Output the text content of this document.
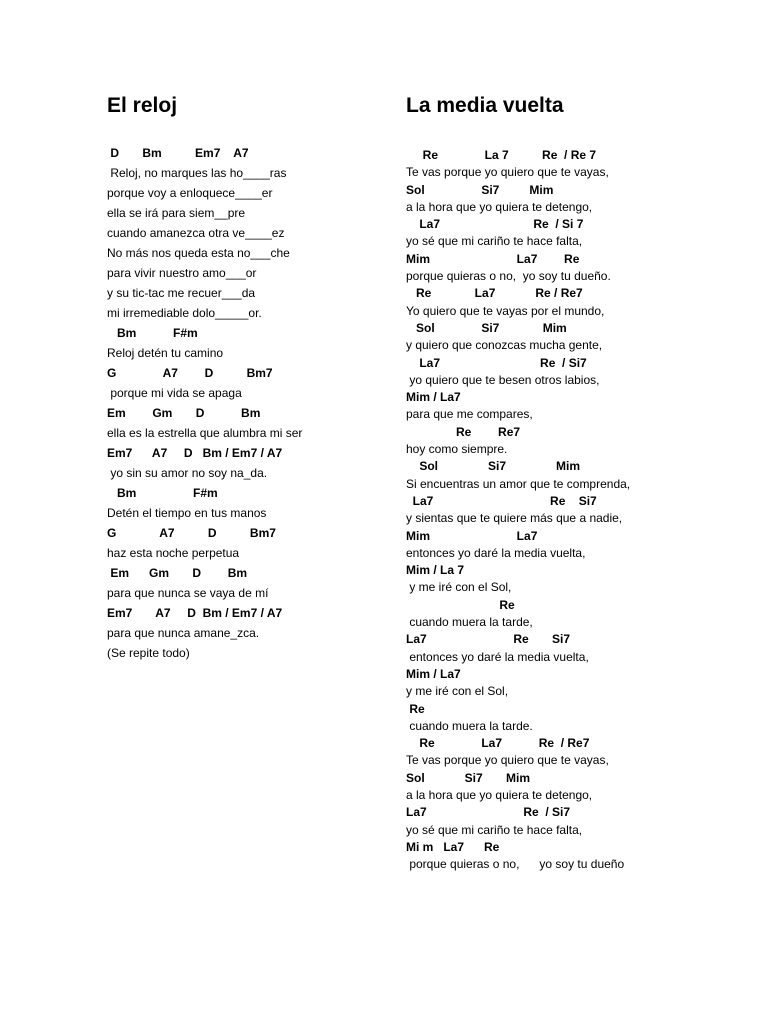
El reloj
D       Bm          Em7    A7
Reloj, no marques las ho____ras
porque voy a enloquece____er
ella se irá para siem__pre
cuando amanezca otra ve____ez
No más nos queda esta no___che
para vivir nuestro amo___or
y su tic-tac me recuer___da
mi irremediable dolo_____or.
Bm           F#m
Reloj detén tu camino
G              A7        D          Bm7
porque mi vida se apaga
Em        Gm       D           Bm
ella es la estrella que alumbra mi ser
Em7      A7     D   Bm / Em7 / A7
yo sin su amor no soy na_da.
Bm                 F#m
Detén el tiempo en tus manos
G             A7          D          Bm7
haz esta noche perpetua
Em      Gm       D        Bm
para que nunca se vaya de mí
Em7       A7     D  Bm / Em7 / A7
para que nunca amane_zca.
(Se repite todo)
La media vuelta
Re              La 7          Re  / Re 7
Te vas porque yo quiero que te vayas,
Sol                 Si7         Mim
a la hora que yo quiera te detengo,
La7                            Re  / Si 7
yo sé que mi cariño te hace falta,
Mim                          La7        Re
porque quieras o no,  yo soy tu dueño.
Re             La7            Re / Re7
Yo quiero que te vayas por el mundo,
Sol              Si7             Mim
y quiero que conozcas mucha gente,
La7                              Re  / Si7
yo quiero que te besen otros labios,
Mim / La7
para que me compares,
Re        Re7
hoy como siempre.
Sol               Si7               Mim
Si encuentras un amor que te comprenda,
La7                                   Re    Si7
y sientas que te quiere más que a nadie,
Mim                          La7
entonces yo daré la media vuelta,
Mim / La 7
y me iré con el Sol,
Re
cuando muera la tarde,
La7                          Re       Si7
entonces yo daré la media vuelta,
Mim / La7
y me iré con el Sol,
Re
cuando muera la tarde.
Re              La7           Re  / Re7
Te vas porque yo quiero que te vayas,
Sol            Si7       Mim
a la hora que yo quiera te detengo,
La7                             Re  / Si7
yo sé que mi cariño te hace falta,
Mi m   La7      Re
porque quieras o no,      yo soy tu dueño
